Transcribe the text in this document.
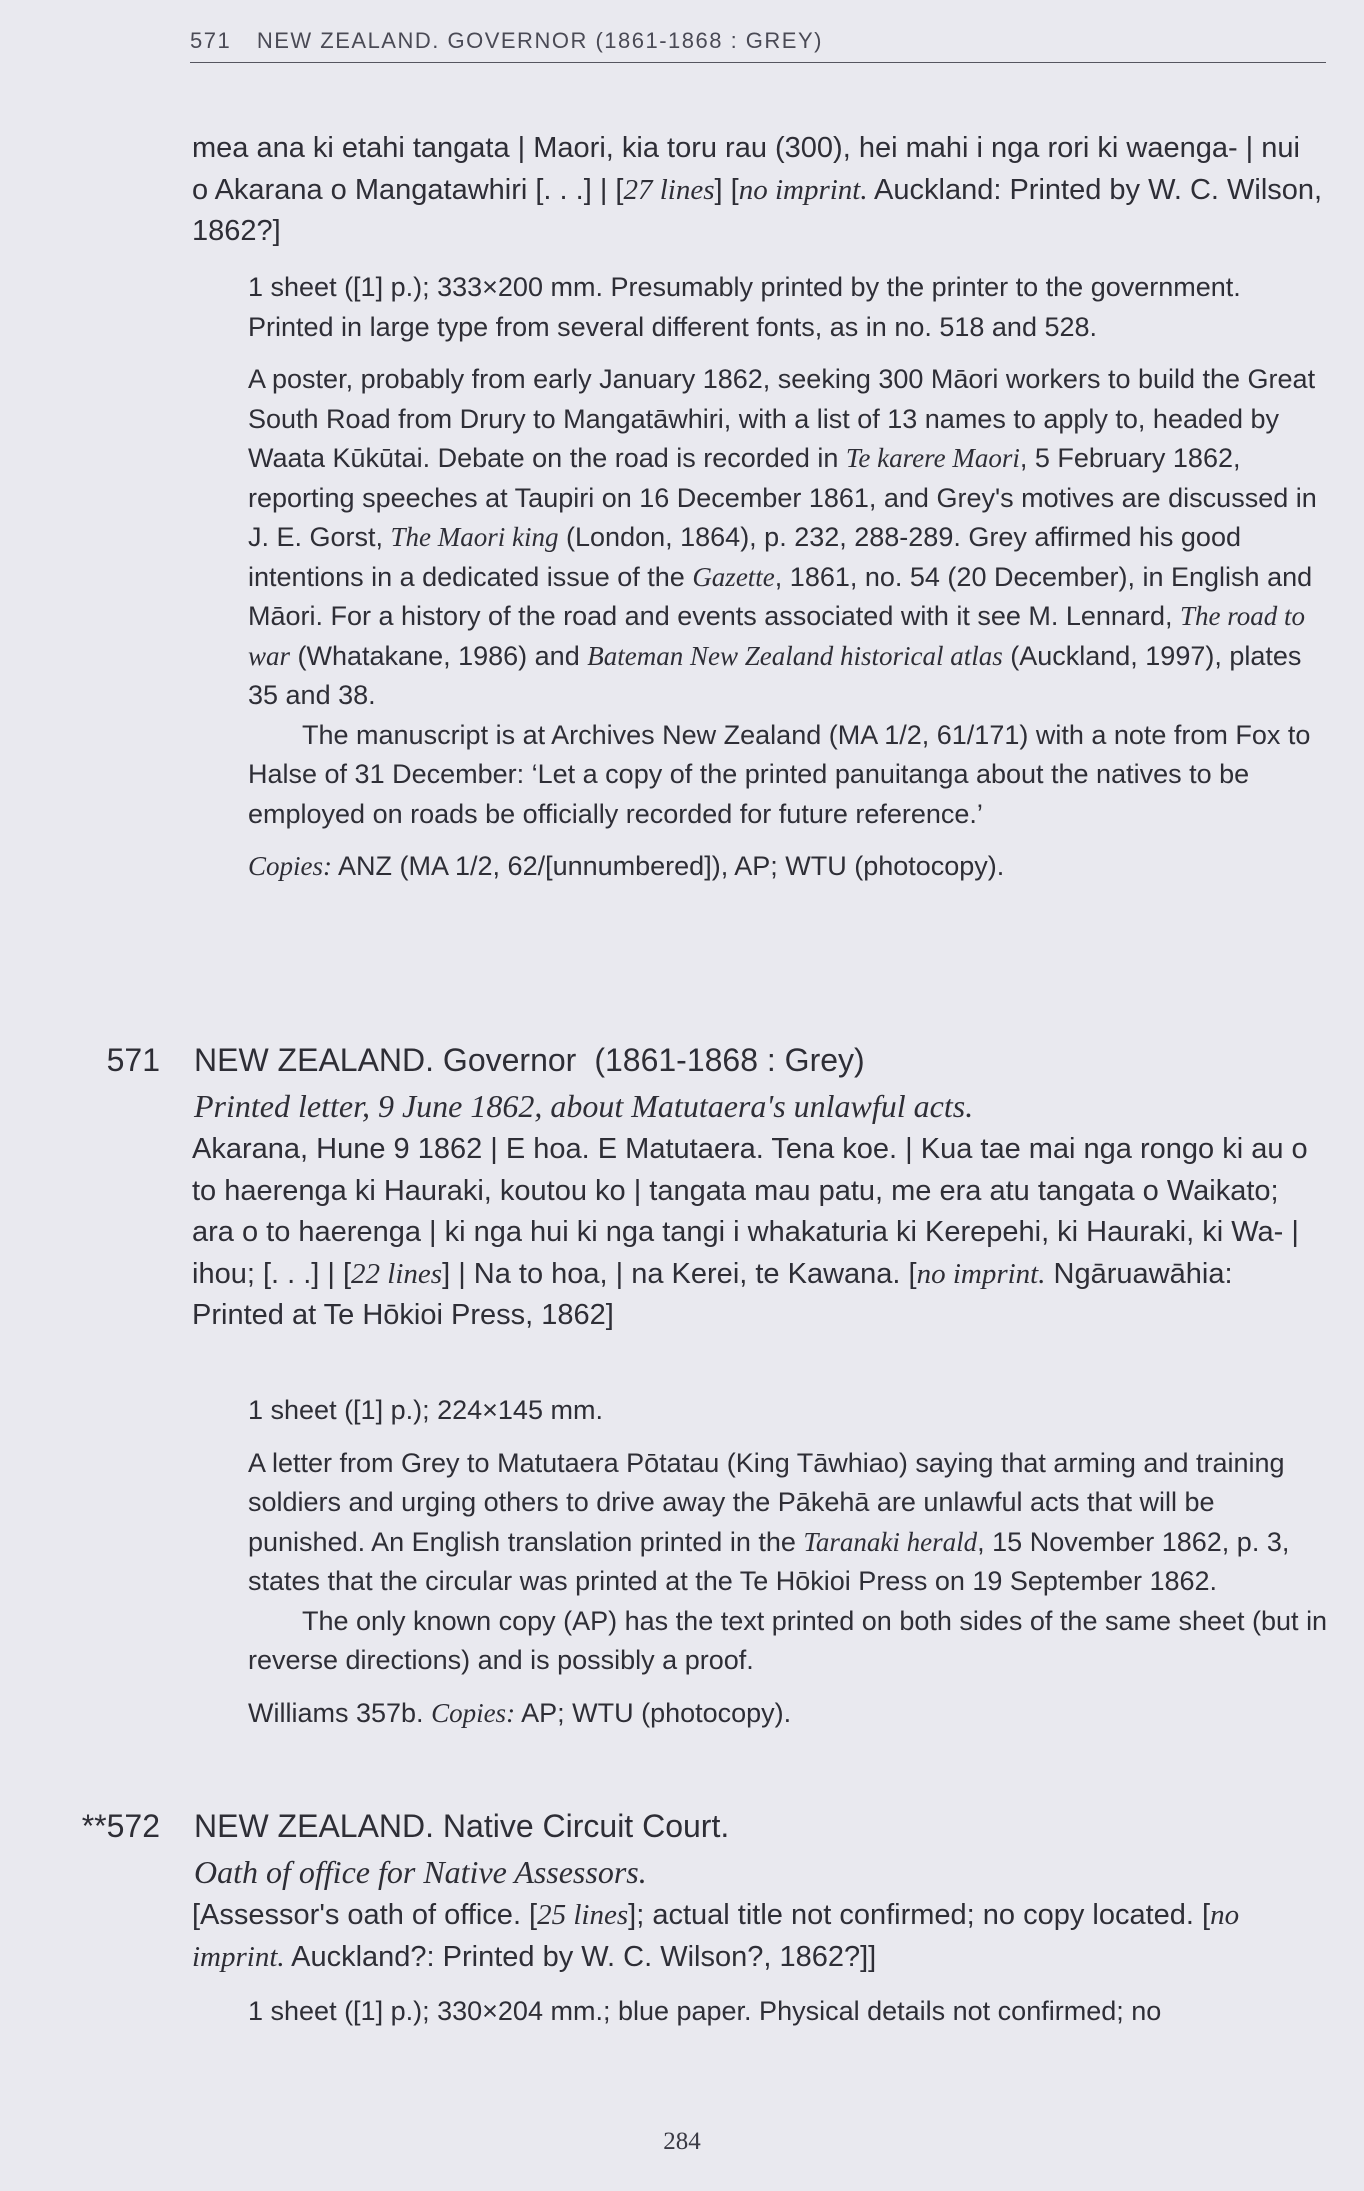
571 NEW ZEALAND. GOVERNOR (1861-1868 : GREY)
mea ana ki etahi tangata | Maori, kia toru rau (300), hei mahi i nga rori ki waenga- | nui o Akarana o Mangatawhiri [. . .] | [27 lines] [no imprint. Auckland: Printed by W. C. Wilson, 1862?]

1 sheet ([1] p.); 333×200 mm. Presumably printed by the printer to the government. Printed in large type from several different fonts, as in no. 518 and 528.

A poster, probably from early January 1862, seeking 300 Māori workers to build the Great South Road from Drury to Mangatāwhiri, with a list of 13 names to apply to, headed by Waata Kūkūtai. Debate on the road is recorded in Te karere Maori, 5 February 1862, reporting speeches at Taupiri on 16 December 1861, and Grey's motives are discussed in J. E. Gorst, The Maori king (London, 1864), p. 232, 288-289. Grey affirmed his good intentions in a dedicated issue of the Gazette, 1861, no. 54 (20 December), in English and Māori. For a history of the road and events associated with it see M. Lennard, The road to war (Whatakane, 1986) and Bateman New Zealand historical atlas (Auckland, 1997), plates 35 and 38.

The manuscript is at Archives New Zealand (MA 1/2, 61/171) with a note from Fox to Halse of 31 December: ‘Let a copy of the printed panuitanga about the natives to be employed on roads be officially recorded for future reference.’

Copies: ANZ (MA 1/2, 62/[unnumbered]), AP; WTU (photocopy).

571 NEW ZEALAND. Governor (1861-1868 : Grey)
Printed letter, 9 June 1862, about Matutaera's unlawful acts.
Akarana, Hune 9 1862 | E hoa. E Matutaera. Tena koe. | Kua tae mai nga rongo ki au o to haerenga ki Hauraki, koutou ko | tangata mau patu, me era atu tangata o Waikato; ara o to haerenga | ki nga hui ki nga tangi i whakaturia ki Kerepehi, ki Hauraki, ki Wa- | ihou; [. . .] | [22 lines] | Na to hoa, | na Kerei, te Kawana. [no imprint. Ngāruawāhia: Printed at Te Hōkioi Press, 1862]

1 sheet ([1] p.); 224×145 mm.

A letter from Grey to Matutaera Pōtatau (King Tāwhiao) saying that arming and training soldiers and urging others to drive away the Pākehā are unlawful acts that will be punished. An English translation printed in the Taranaki herald, 15 November 1862, p. 3, states that the circular was printed at the Te Hōkioi Press on 19 September 1862.

The only known copy (AP) has the text printed on both sides of the same sheet (but in reverse directions) and is possibly a proof.

Williams 357b. Copies: AP; WTU (photocopy).

**572 NEW ZEALAND. Native Circuit Court.
Oath of office for Native Assessors.
[Assessor's oath of office. [25 lines]; actual title not confirmed; no copy located. [no imprint. Auckland?: Printed by W. C. Wilson?, 1862?]]

1 sheet ([1] p.); 330×204 mm.; blue paper. Physical details not confirmed; no

284
